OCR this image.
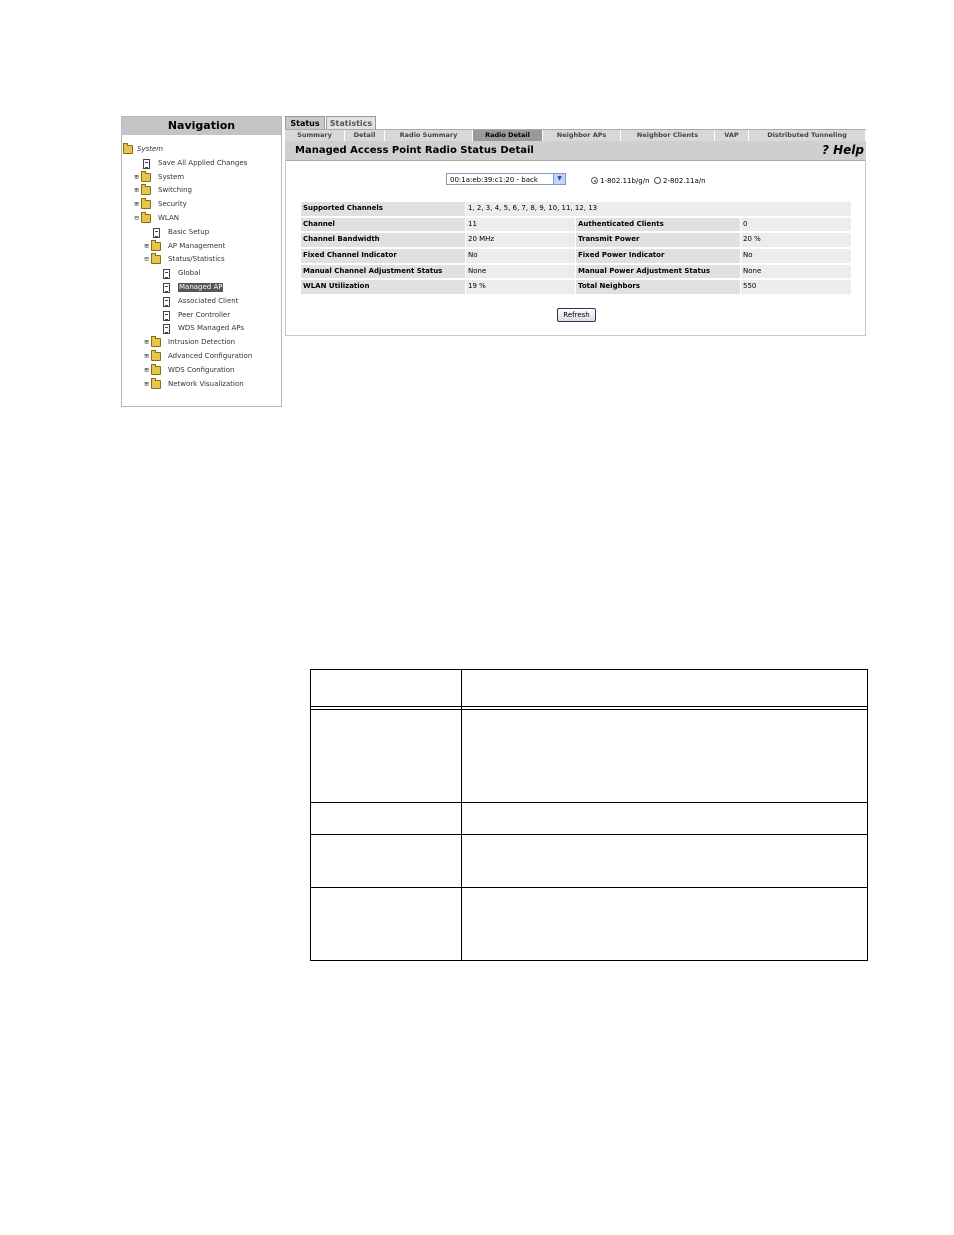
Navigation
System
Save All Applied Changes
⊞	System
⊞	Switching
⊞	Security
⊟	WLAN
Basic Setup
⊞	AP Management
⊟	Status/Statistics
Global
Managed AP
Associated Client
Peer Controller
WDS Managed APs
⊞	Intrusion Detection
⊞	Advanced Configuration
⊞	WDS Configuration
⊞	Network Visualization
Status	Statistics
Summary	Detail	Radio Summary	Radio Detail	Neighbor APs	Neighbor Clients	VAP	Distributed Tunneling
Managed Access Point Radio Status Detail	? Help
00:1a:eb:39:c1:20 - back	▼	1-802.11b/g/n 2-802.11a/n
Supported Channels	1, 2, 3, 4, 5, 6, 7, 8, 9, 10, 11, 12, 13
Channel	11	Authenticated Clients	0
Channel Bandwidth	20 MHz	Transmit Power	20 %
Fixed Channel Indicator	No	Fixed Power Indicator	No
Manual Channel Adjustment Status	None	Manual Power Adjustment Status	None
WLAN Utilization	19 %	Total Neighbors	550
Refresh
